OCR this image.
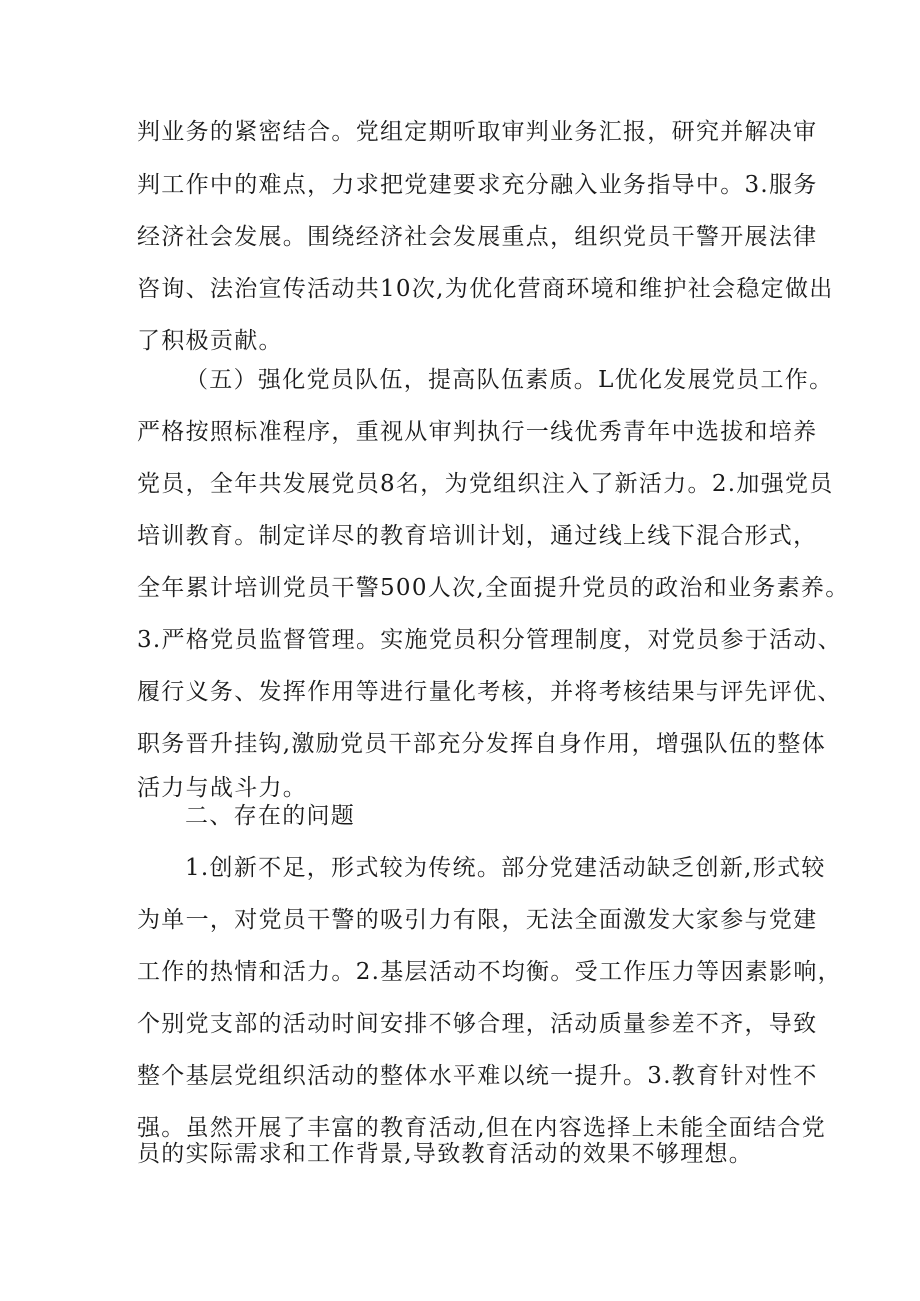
判业务的紧密结合。党组定期听取审判业务汇报，研究并解决审
判工作中的难点，力求把党建要求充分融入业务指导中。3.服务
经济社会发展。围绕经济社会发展重点，组织党员干警开展法律
咨询、法治宣传活动共10次,为优化营商环境和维护社会稳定做出
了积极贡献。
（五）强化党员队伍，提高队伍素质。L优化发展党员工作。
严格按照标准程序，重视从审判执行一线优秀青年中选拔和培养
党员，全年共发展党员8名，为党组织注入了新活力。2.加强党员
培训教育。制定详尽的教育培训计划，通过线上线下混合形式，
全年累计培训党员干警500人次,全面提升党员的政治和业务素养。
3.严格党员监督管理。实施党员积分管理制度，对党员参于活动、
履行义务、发挥作用等进行量化考核，并将考核结果与评先评优、
职务晋升挂钩,激励党员干部充分发挥自身作用，增强队伍的整体
活力与战斗力。
二、存在的问题
1.创新不足，形式较为传统。部分党建活动缺乏创新,形式较
为单一，对党员干警的吸引力有限，无法全面激发大家参与党建
工作的热情和活力。2.基层活动不均衡。受工作压力等因素影响，
个别党支部的活动时间安排不够合理，活动质量参差不齐，导致
整个基层党组织活动的整体水平难以统一提升。3.教育针对性不
强。虽然开展了丰富的教育活动,但在内容选择上未能全面结合党
员的实际需求和工作背景,导致教育活动的效果不够理想。
